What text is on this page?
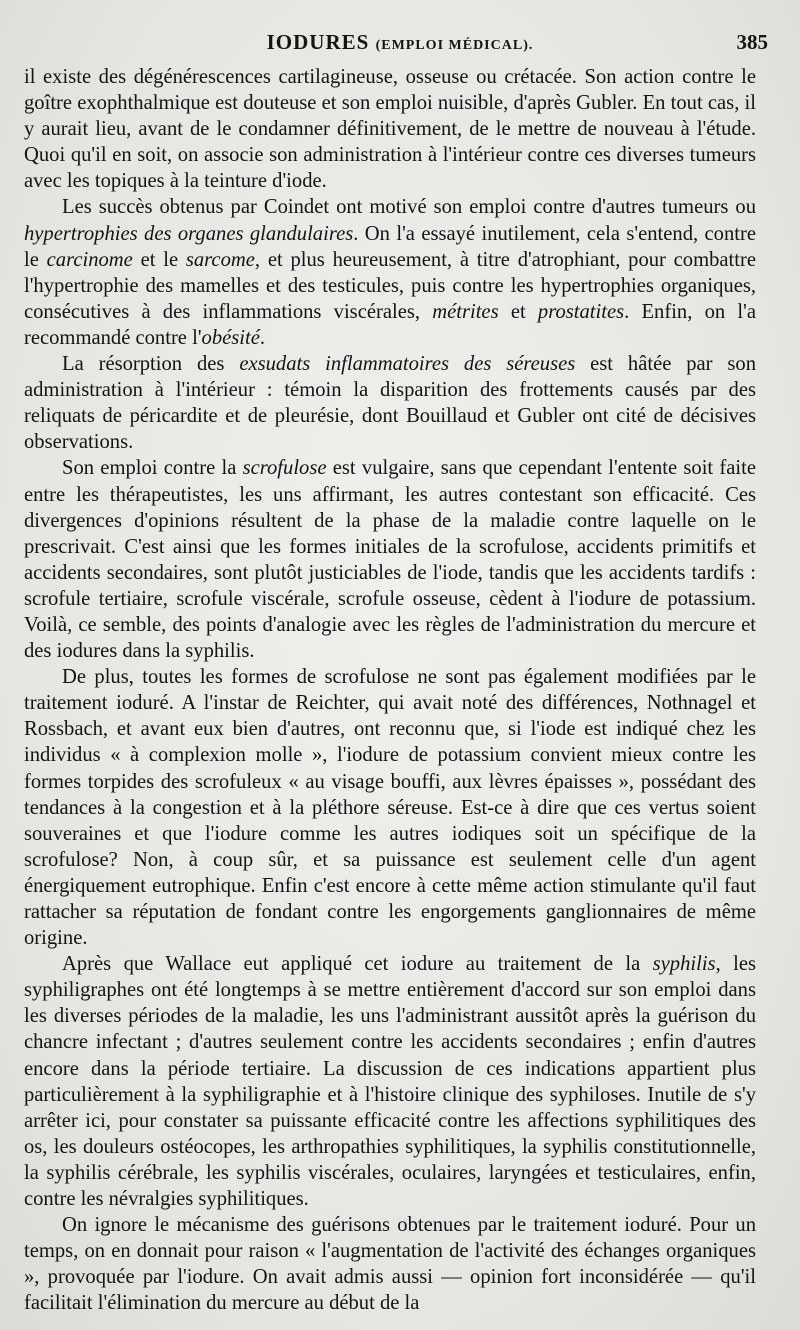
IODURES (EMPLOI MÉDICAL).	385

il existe des dégénérescences cartilagineuse, osseuse ou crétacée. Son action contre le goître exophthalmique est douteuse et son emploi nuisible, d'après Gubler. En tout cas, il y aurait lieu, avant de le condamner définitivement, de le mettre de nouveau à l'étude. Quoi qu'il en soit, on associe son administration à l'intérieur contre ces diverses tumeurs avec les topiques à la teinture d'iode.

Les succès obtenus par Coindet ont motivé son emploi contre d'autres tumeurs ou hypertrophies des organes glandulaires. On l'a essayé inutilement, cela s'entend, contre le carcinome et le sarcome, et plus heureusement, à titre d'atrophiant, pour combattre l'hypertrophie des mamelles et des testicules, puis contre les hypertrophies organiques, consécutives à des inflammations viscérales, métrites et prostatites. Enfin, on l'a recommandé contre l'obésité.

La résorption des exsudats inflammatoires des séreuses est hâtée par son administration à l'intérieur : témoin la disparition des frottements causés par des reliquats de péricardite et de pleurésie, dont Bouillaud et Gubler ont cité de décisives observations.

Son emploi contre la scrofulose est vulgaire, sans que cependant l'entente soit faite entre les thérapeutistes, les uns affirmant, les autres contestant son efficacité. Ces divergences d'opinions résultent de la phase de la maladie contre laquelle on le prescrivait. C'est ainsi que les formes initiales de la scrofulose, accidents primitifs et accidents secondaires, sont plutôt justiciables de l'iode, tandis que les accidents tardifs : scrofule tertiaire, scrofule viscérale, scrofule osseuse, cèdent à l'iodure de potassium. Voilà, ce semble, des points d'analogie avec les règles de l'administration du mercure et des iodures dans la syphilis.

De plus, toutes les formes de scrofulose ne sont pas également modifiées par le traitement ioduré. A l'instar de Reichter, qui avait noté des différences, Nothnagel et Rossbach, et avant eux bien d'autres, ont reconnu que, si l'iode est indiqué chez les individus « à complexion molle », l'iodure de potassium convient mieux contre les formes torpides des scrofuleux « au visage bouffi, aux lèvres épaisses », possédant des tendances à la congestion et à la pléthore séreuse. Est-ce à dire que ces vertus soient souveraines et que l'iodure comme les autres iodiques soit un spécifique de la scrofulose? Non, à coup sûr, et sa puissance est seulement celle d'un agent énergiquement eutrophique. Enfin c'est encore à cette même action stimulante qu'il faut rattacher sa réputation de fondant contre les engorgements ganglionnaires de même origine.

Après que Wallace eut appliqué cet iodure au traitement de la syphilis, les syphiligraphes ont été longtemps à se mettre entièrement d'accord sur son emploi dans les diverses périodes de la maladie, les uns l'administrant aussitôt après la guérison du chancre infectant ; d'autres seulement contre les accidents secondaires ; enfin d'autres encore dans la période tertiaire. La discussion de ces indications appartient plus particulièrement à la syphiligraphie et à l'histoire clinique des syphiloses. Inutile de s'y arrêter ici, pour constater sa puissante efficacité contre les affections syphilitiques des os, les douleurs ostéocopes, les arthropathies syphilitiques, la syphilis constitutionnelle, la syphilis cérébrale, les syphilis viscérales, oculaires, laryngées et testiculaires, enfin, contre les névralgies syphilitiques.

On ignore le mécanisme des guérisons obtenues par le traitement ioduré. Pour un temps, on en donnait pour raison « l'augmentation de l'activité des échanges organiques », provoquée par l'iodure. On avait admis aussi — opinion fort inconsidérée — qu'il facilitait l'élimination du mercure au début de la
